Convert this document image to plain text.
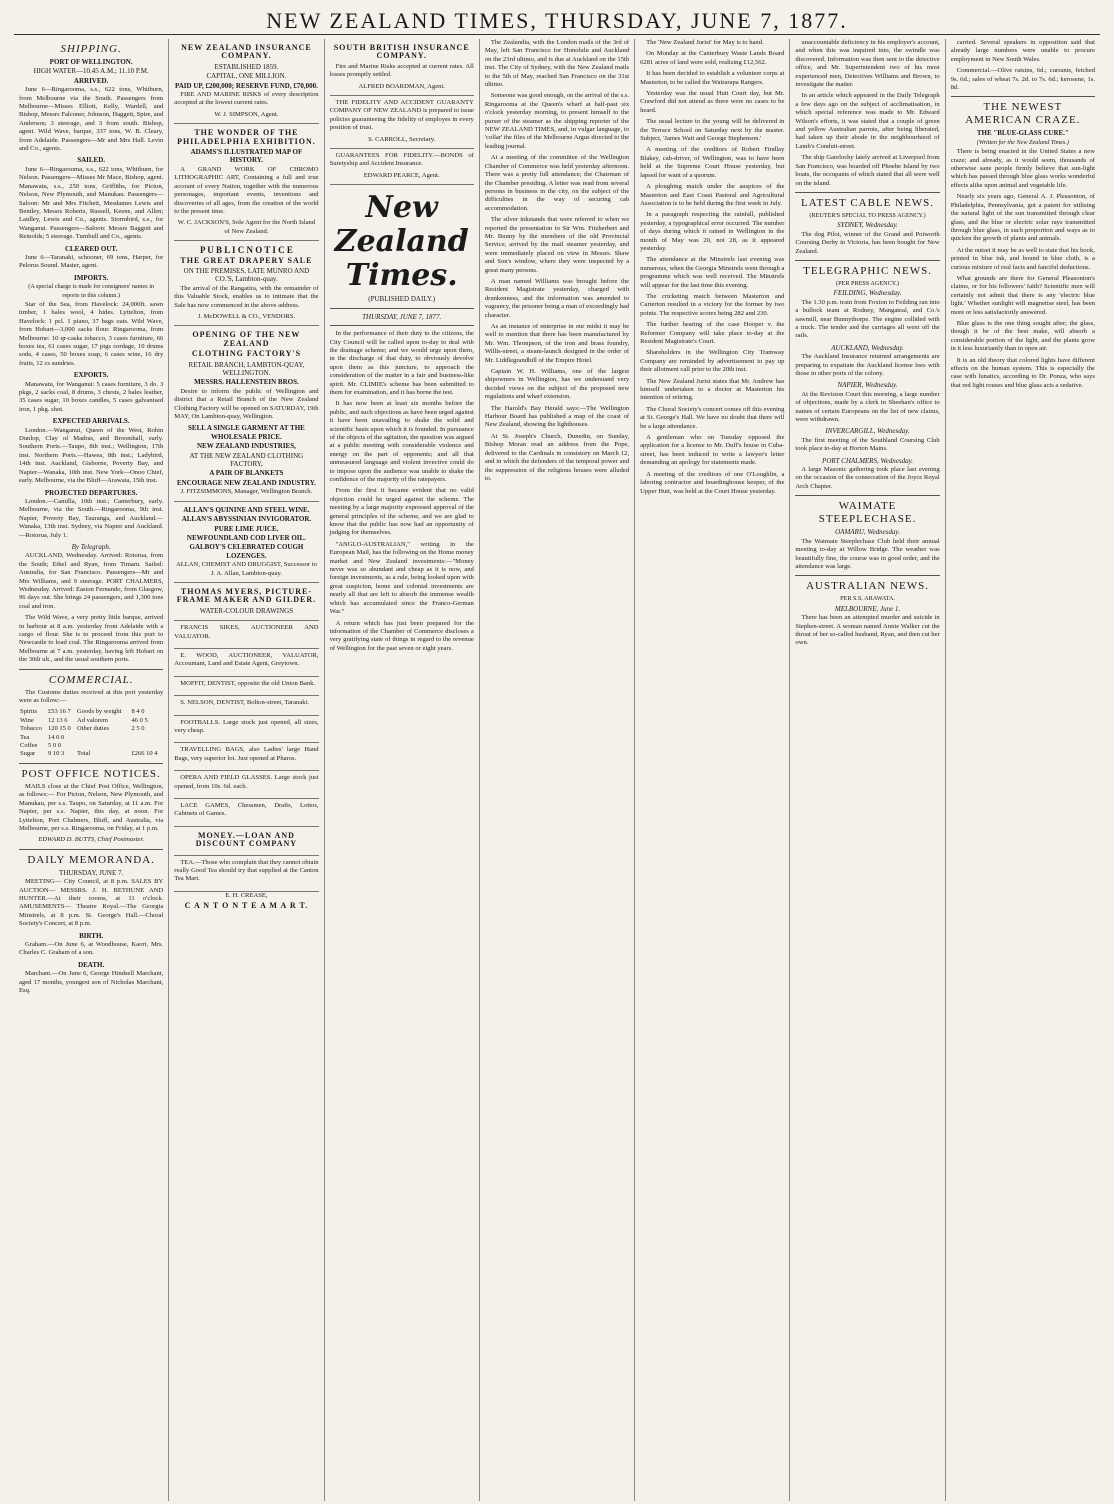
NEW ZEALAND TIMES, THURSDAY, JUNE 7, 1877.
SHIPPING.
PORT OF WELLINGTON.
HIGH WATER—10.45 A.M.; 11.10 P.M.
ARRIVED.

June 6—Ringarooma, s.s., 622 tons, Whitburn, from Melbourne via the South. Passengers from Melbourne—Misses Elliott, Kelly, Wardell, and Bishop, Messrs Falconer, Johnson, Haggett, Spire, and Anderson; 3 steerage, and 3 from south. Bishop, agent. Wild Wave, barque, 337 tons, W. B. Cleary, from Adelaide. Passengers—Mr and Mrs Hall. Levin and Co., agents.

SAILED.

June 6—Ringarooma, s.s., 622 tons, Whitburn, for Nelson. Passengers—Misses Mr Mace, Bishop, agent. Manawatu, s.s., 250 tons, Griffiths, for Picton, Nelson, New Plymouth, and Manukau. Passengers—Saloon: Mr and Mrs Fitchett, Mesdames Lewis and Bentley, Messrs Roberts, Russell, Keene, and Allen; Laidley, Lewis and Co., agents. Stormbird, s.s., for Wanganui. Passengers—Saloon: Messrs Baggott and Reinolds; 5 steerage. Turnbull and Co., agents.

CLEARED OUT.

June 6—Taranaki, schooner, 69 tons, Harper, for Pelorus Sound. Master, agent.

IMPORTS.
(A special charge is made for consignees' names in reports in this column.)

Star of the Sea, from Havelock: 24,000ft. sawn timber, 1 bales wool, 4 hides. Lyttelton, from Havelock: 1 pcl. 1 piano, 37 bags oats. Wild Wave, from Hobart—3,000 sacks flour. Ringarooma, from Melbourne: 10 qr-casks tobacco, 3 cases furniture, 66 boxes tea, 61 cases sugar, 17 pigs cordage, 10 drums soda, 4 cases, 50 boxes soap, 6 cases wine, 16 dry fruits, 12 cs sundries.

EXPORTS.

Manawatu, for Wanganui: 5 cases furniture, 3 do. 3 pkgs, 2 sacks coal, 8 drums, 3 chests, 2 bales leather, 35 cases sugar, 10 boxes candles, 5 cases galvanised iron, 1 pkg. shot.

EXPECTED ARRIVALS.

London.—Wanganui, Queen of the West, Robin Dunlop, Clay of Madras, and Broomhall, early. Southern Ports.—Taupo, 8th inst.; Wellington, 17th inst. Northern Ports.—Hawea, 8th inst.; Ladybird, 14th inst. Auckland, Gisborne, Poverty Bay, and Napier—Wanaka, 10th inst. New York—Onoo Chief, early. Melbourne, via the Bluff—Arawata, 15th inst.

PROJECTED DEPARTURES.

London.—Camilla, 10th inst.; Canterbury, early. Melbourne, via the South.—Ringarooma, 9th inst. Napier, Poverty Bay, Tauranga, and Auckland.—Wanaka, 13th inst. Sydney, via Napier and Auckland.—Rotorua, July 1.

By Telegraph.

AUCKLAND, Wednesday. Arrived: Rotorua, from the South; Ethel and Ryan, from Timaru. Sailed: Australia, for San Francisco. Passengers—Mr and Mrs Williams, and 9 steerage. PORT CHALMERS, Wednesday. Arrived: Easton Fernando, from Glasgow, 96 days out. She brings 24 passengers, and 1,300 tons coal and iron.

The Wild Wave, a very pretty little barque, arrived in harbour at 8 a.m. yesterday from Adelaide with a cargo of flour. She is to proceed from this port to Newcastle to load coal. The Ringarooma arrived from Melbourne at 7 a.m. yesterday, having left Hobart on the 30th ult., and the usual southern ports.

COMMERCIAL.

The Customs duties received at this port yesterday were as follow:—

Spirits	£53 16 7	Goods by weight	8 4 0
Wine	12 13 6	Ad valorem	46 0 5
Tobacco	120 15 0	Other duties	2 5 0
Tea	14 0 0		
Coffee	5 0 0		
Sugar	9 10 3	Total	£266 10 4
POST OFFICE NOTICES.

MAILS close at the Chief Post Office, Wellington, as follows:— For Picton, Nelson, New Plymouth, and Manukau, per s.s. Taupo, on Saturday, at 11 a.m. For Napier, per s.s. Napier, this day, at noon. For Lyttelton, Port Chalmers, Bluff, and Australia, via Melbourne, per s.s. Ringarooma, on Friday, at 1 p.m.

EDWARD D. BUTTS, Chief Postmaster.
DAILY MEMORANDA.
THURSDAY, JUNE 7.

MEETING— City Council, at 8 p.m. SALES BY AUCTION— MESSRS. J. H. BETHUNE AND HUNTER.—At their rooms, at 11 o'clock. AMUSEMENTS— Theatre Royal.—The Georgia Minstrels, at 8 p.m. St. George's Hall.—Choral Society's Concert, at 8 p.m.

BIRTH.

Graham.—On June 6, at Woodhouse, Kaori, Mrs. Charles C. Graham of a son.

DEATH.

Marchant.—On June 6, George Hindsell Marchant, aged 17 months, youngest son of Nicholas Marchant, Esq.

NEW ZEALAND INSURANCE COMPANY.
ESTABLISHED 1859.
CAPITAL, ONE MILLION.
PAID UP, £200,000; RESERVE FUND, £70,000.

FIRE AND MARINE RISKS of every description accepted at the lowest current rates.

W. J. SIMPSON, Agent.
THE WONDER OF THE PHILADELPHIA EXHIBITION.
ADAMS'S ILLUSTRATED MAP OF HISTORY.

A GRAND WORK OF CHROMO LITHOGRAPHIC ART, Containing a full and true account of every Nation, together with the numerous personages, important events, inventions and discoveries of all ages, from the creation of the world to the present time.

W. C. JACKSON'S, Sole Agent for the North Island of New Zealand.
P U B L I C N O T I C E
THE GREAT DRAPERY SALE
ON THE PREMISES, LATE MUNRO AND CO.'S, Lambton-quay.

The arrival of the Rangatira, with the remainder of this Valuable Stock, enables us to intimate that the Sale has now commenced in the above address.

J. McDOWELL & CO., VENDORS.
OPENING OF THE NEW ZEALAND
CLOTHING FACTORY'S
RETAIL BRANCH, LAMBTON-QUAY, WELLINGTON.
MESSRS. HALLENSTEIN BROS.

Desire to inform the public of Wellington and district that a Retail Branch of the New Zealand Clothing Factory will be opened on SATURDAY, 19th MAY, On Lambton-quay, Wellington.

SELL A SINGLE GARMENT AT THE WHOLESALE PRICE.
NEW ZEALAND INDUSTRIES,
AT THE NEW ZEALAND CLOTHING FACTORY,
A PAIR OF BLANKETS
ENCOURAGE NEW ZEALAND INDUSTRY.
J. FITZSIMMONS, Manager, Wellington Branch.
ALLAN'S QUININE AND STEEL WINE.
ALLAN'S ABYSSINIAN INVIGORATOR.
PURE LIME JUICE.
NEWFOUNDLAND COD LIVER OIL.
GALBOY'S CELEBRATED COUGH LOZENGES.
ALLAN, CHEMIST AND DRUGGIST, Successor to J. A. Allan, Lambton-quay.
THOMAS MYERS, PICTURE-FRAME MAKER AND GILDER.
WATER-COLOUR DRAWINGS

FRANCIS SIKES, AUCTIONEER AND VALUATOR.

E. WOOD, AUCTIONEER, VALUATOR, Accountant, Land and Estate Agent, Greytown.

MOFFIT, DENTIST, opposite the old Union Bank.

S. NELSON, DENTIST, Bolton-street, Taranaki.

FOOTBALLS. Large stock just opened, all sizes, very cheap.

TRAVELLING BAGS, also Ladies' large Hand Bags, very superior lot. Just opened at Pharos.

OPERA AND FIELD GLASSES. Large stock just opened, from 10s. 6d. each.

LACE GAMES, Chessmen, Drafts, Lottos, Cabinets of Games.

MONEY.—LOAN AND DISCOUNT COMPANY

TEA.—Those who complain that they cannot obtain really Good Tea should try that supplied at the Canton Tea Mart.

E. H. CREASE,
C A N T O N T E A M A R T.
SOUTH BRITISH INSURANCE COMPANY.

Fire and Marine Risks accepted at current rates. All losses promptly settled.

ALFRED BOARDMAN, Agent.

THE FIDELITY AND ACCIDENT GUARANTY COMPANY OF NEW ZEALAND is prepared to issue policies guaranteeing the fidelity of employes in every position of trust.

S. CARROLL, Secretary.

GUARANTEES FOR FIDELITY.—BONDS of Suretyship and Accident Insurance.

EDWARD PEARCE, Agent.
New Zealand Times.
(PUBLISHED DAILY.)
THURSDAY, JUNE 7, 1877.

In the performance of their duty to the citizens, the City Council will be called upon to-day to deal with the drainage scheme; and we would urge upon them, in the discharge of that duty, to obviously devolve upon them as this juncture, to approach the consideration of the matter in a fair and business-like spirit. Mr. CLIMIE's scheme has been submitted to them for examination, and it has borne the test.

It has now been at least six months before the public, and such objections as have been urged against it have been unavailing to shake the solid and scientific basis upon which it is founded. In pursuance of the objects of the agitation, the question was argued at a public meeting with considerable violence and energy on the part of opponents; and all that unmeasured language and violent invective could do to impose upon the audience was unable to shake the confidence of the majority of the ratepayers.

From the first it became evident that no valid objection could be urged against the scheme. The meeting by a large majority expressed approval of the general principles of the scheme, and we are glad to know that the public has now had an opportunity of judging for themselves.

"ANGLO-AUSTRALIAN," writing in the European Mail, has the following on the Home money market and New Zealand investments:—"Money never was so abundant and cheap as it is now, and foreign investments, as a rule, being looked upon with great suspicion, home and colonial investments are nearly all that are left to absorb the immense wealth which has accumulated since the Franco-German War."

A return which has just been prepared for the information of the Chamber of Commerce discloses a very gratifying state of things in regard to the revenue of Wellington for the past seven or eight years.

The Zealandia, with the London mails of the 3rd of May, left San Francisco for Honolulu and Auckland on the 23rd ultimo, and is due at Auckland on the 15th inst. The City of Sydney, with the New Zealand mails to the 5th of May, reached San Francisco on the 31st ultimo.

Someone was good enough, on the arrival of the s.s. Ringarooma at the Queen's wharf at half-past six o'clock yesterday morning, to present himself to the purser of the steamer as the shipping reporter of the NEW ZEALAND TIMES, and, in vulgar language, to 'collar' the files of the Melbourne Argus directed to the leading journal.

At a meeting of the committee of the Wellington Chamber of Commerce was held yesterday afternoon. There was a pretty full attendance; the Chairman of the Chamber presiding. A letter was read from several persons in business in the city, on the subject of the difficulties in the way of securing cab accommodation.

The silver inkstands that were referred to when we reported the presentation to Sir Wm. Fitzherbert and Mr. Bunny by the members of the old Provincial Service, arrived by the mail steamer yesterday, and were immediately placed on view in Messrs. Shaw and Son's window, where they were inspected by a great many persons.

A man named Williams was brought before the Resident Magistrate yesterday, charged with drunkenness, and the information was amended to vagrancy, the prisoner being a man of exceedingly bad character.

As an instance of enterprise in our midst it may be well to mention that there has been manufactured by Mr. Wm. Thompson, of the iron and brass foundry, Willis-street, a steam-launch designed in the order of Mr. Liddlegrandhill of the Empire Hotel.

Captain W. H. Williams, one of the largest shipowners in Wellington, has we understand very decided views on the subject of the proposed new regulations and wharf extension.

The Harold's Bay Herald says:—The Wellington Harbour Board has published a map of the coast of New Zealand, showing the lighthouses.

At St. Joseph's Church, Dunedin, on Sunday, Bishop Moran read an address from the Pope, delivered to the Cardinals in consistory on March 12, and in which the defenders of the temporal power and the suppression of the religious houses were alluded to.

The 'New Zealand Jurist' for May is to hand.

On Monday at the Canterbury Waste Lands Board 6281 acres of land were sold, realising £12,562.

It has been decided to establish a volunteer corps at Masterton, to be called the Wairarapa Rangers.

Yesterday was the usual Hutt Court day, but Mr. Crawford did not attend as there were no cases to be heard.

The usual lecture to the young will be delivered in the Terrace School on Saturday next by the master. Subject, 'James Watt and George Stephenson.'

A meeting of the creditors of Robert Findlay Blakey, cab-driver, of Wellington, was to have been held at the Supreme Court House yesterday, but lapsed for want of a quorum.

A ploughing match under the auspices of the Masterton and East Coast Pastoral and Agricultural Association is to be held during the first week in July.

In a paragraph respecting the rainfall, published yesterday, a typographical error occurred. The number of days during which it rained in Wellington in the month of May was 20, not 28, as it appeared yesterday.

The attendance at the Minstrels last evening was numerous, when the Georgia Minstrels went through a programme which was well received. The Minstrels will appear for the last time this evening.

The cricketing match between Masterton and Carterton resulted in a victory for the former by two points. The respective scores being 282 and 230.

The further hearing of the case Hooper v. the Reformer Company will take place to-day at the Resident Magistrate's Court.

Shareholders in the Wellington City Tramway Company are reminded by advertisement to pay up their allotment call prior to the 20th inst.

The New Zealand Jurist states that Mr. Andrew has himself undertaken to a doctor at Masterton his intention of retiring.

The Choral Society's concert comes off this evening at St. George's Hall. We have no doubt that there will be a large attendance.

A gentleman who on Tuesday opposed the application for a license to Mr. Duff's house in Cuba-street, has been induced to write a lawyer's letter demanding an apology for statements made.

A meeting of the creditors of one O'Loughlin, a laboring contractor and boardinghouse keeper, of the Upper Hutt, was held at the Court House yesterday.

unaccountable deficiency in his employer's account, and when this was inquired into, the swindle was discovered. Information was then sent to the detective office, and Mr. Superintendent two of his most experienced men, Detectives Williams and Brown, to investigate the matter.

In an article which appeared in the Daily Telegraph a few days ago on the subject of acclimatisation, in which special reference was made to Mr. Edward Wilson's efforts, it was stated that a couple of green and yellow Australian parrots, after being liberated, had taken up their abode in the neighbourhood of Lamb's Conduit-street.

The ship Garelochy lately arrived at Liverpool from San Francisco, was boarded off Phoebe Island by two boats, the occupants of which stated that all were well on the island.

LATEST CABLE NEWS.
(REUTER'S SPECIAL TO PRESS AGENCY.)
SYDNEY, Wednesday.

The dog Pilot, winner of the Grand and Poiworth Coursing Derby in Victoria, has been bought for New Zealand.

TELEGRAPHIC NEWS.
(PER PRESS AGENCY.)
FEILDING, Wednesday.

The 1.30 p.m. train from Foxton to Feilding ran into a bullock team at Rodney, Mangateal, and Co.'s sawmill, near Bunnythorpe. The engine collided with a truck. The tender and the carriages all went off the rails.

AUCKLAND, Wednesday.

The Auckland Insurance returned arrangements are preparing to expatiate the Auckland license fees with those in other ports of the colony.

NAPIER, Wednesday.

At the Revision Court this morning, a large number of objections, made by a clerk in Sheehan's office to names of certain Europeans on the list of new claims, were withdrawn.

INVERCARGILL, Wednesday.

The first meeting of the Southland Coursing Club took place to-day at Horton Mains.

PORT CHALMERS, Wednesday.

A large Masonic gathering took place last evening on the occasion of the consecration of the Joyce Royal Arch Chapter.

WAIMATE STEEPLECHASE.
OAMARU, Wednesday.

The Waimate Steeplechase Club held their annual meeting to-day at Willow Bridge. The weather was beautifully fine, the course was in good order, and the attendance was large.

AUSTRALIAN NEWS.
PER S.S. ARAWATA.
MELBOURNE, June 1.

There has been an attempted murder and suicide in Stephen-street. A woman named Annie Walker cut the throat of her so-called husband, Ryan, and then cut her own.

carried. Several speakers in opposition said that already large numbers were unable to procure employment in New South Wales.

Commercial.—Olive raisins, 6d.; currants, fetched 9s. 6d.; sales of wheat 7s. 2d. to 7s. 6d.; kerosene, 1s. 8d.

THE NEWEST AMERICAN CRAZE.
THE "BLUE-GLASS CURE."
(Written for the New Zealand Times.)

There is being enacted in the United States a new craze; and already, as it would seem, thousands of otherwise sane people firmly believe that sun-light which has passed through blue glass works wonderful effects alike upon animal and vegetable life.

Nearly six years ago, General A. J. Pleasonton, of Philadelphia, Pennsylvania, got a patent for utilising the natural light of the sun transmitted through clear glass, and the blue or electric solar rays transmitted through blue glass, in such proportion and ways as to quicken the growth of plants and animals.

At the outset it may be as well to state that his book, printed in blue ink, and bound in blue cloth, is a curious mixture of real facts and fanciful deductions.

What grounds are there for General Pleasonton's claims, or for his followers' faith? Scientific men will certainly not admit that there is any 'electric blue light.' Whether sunlight will magnetise steel, has been more or less satisfactorily answered.

Blue glass is the one thing sought after; the glass, though it be of the best make, will absorb a considerable portion of the light, and the plants grow in it less luxuriantly than in open air.

It is an old theory that colored lights have different effects on the human system. This is especially the case with lunatics, according to Dr. Ponza, who says that red light rouses and blue glass acts a sedative.
